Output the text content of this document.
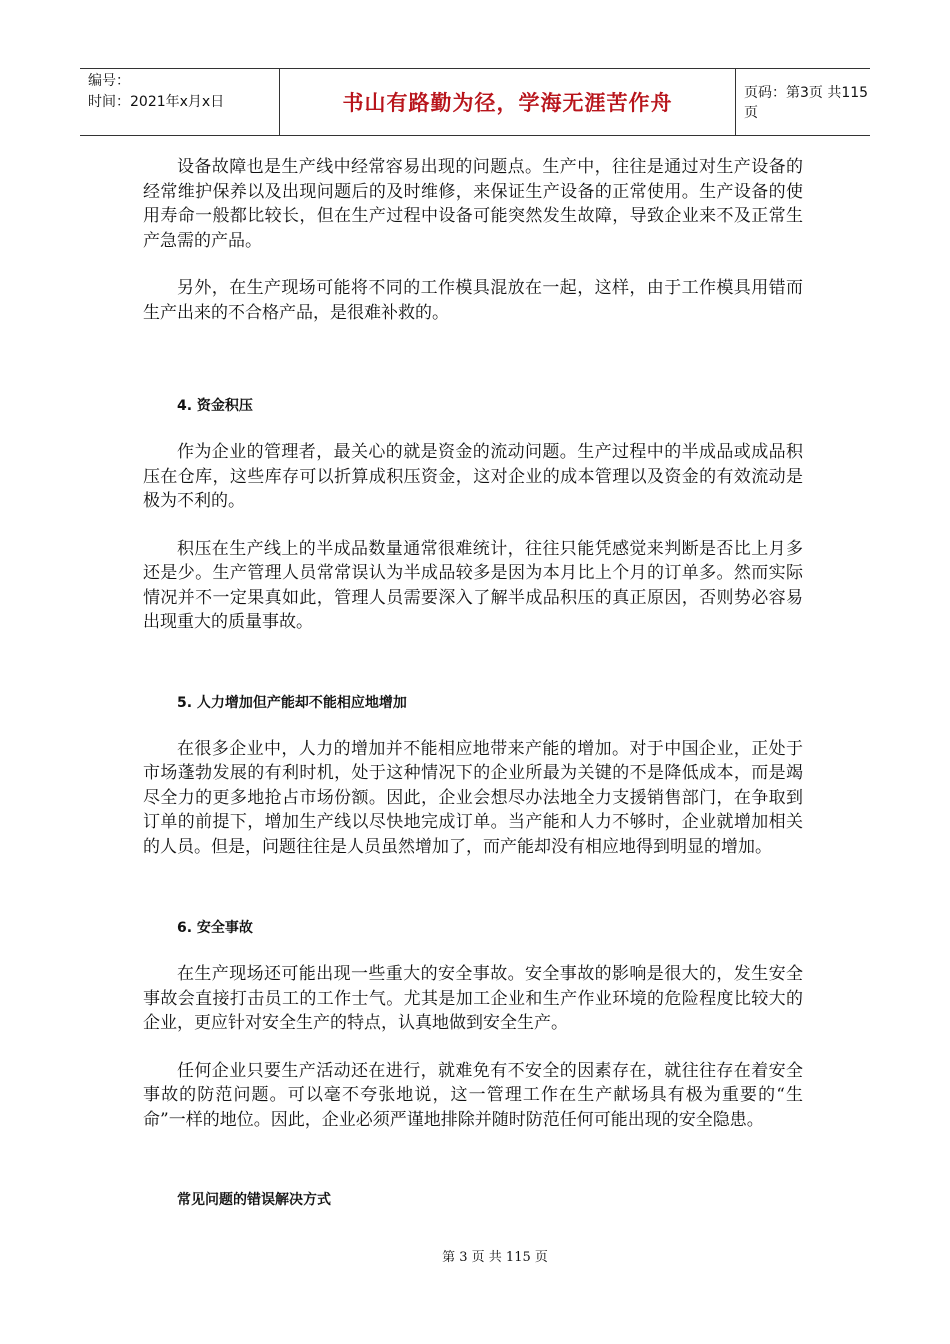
编号：
时间：2021年x月x日	书山有路勤为径，学海无涯苦作舟	页码：第3页 共115页

设备故障也是生产线中经常容易出现的问题点。生产中，往往是通过对生产设备的经常维护保养以及出现问题后的及时维修，来保证生产设备的正常使用。生产设备的使用寿命一般都比较长，但在生产过程中设备可能突然发生故障，导致企业来不及正常生产急需的产品。

另外，在生产现场可能将不同的工作模具混放在一起，这样，由于工作模具用错而生产出来的不合格产品，是很难补救的。

4. 资金积压

作为企业的管理者，最关心的就是资金的流动问题。生产过程中的半成品或成品积压在仓库，这些库存可以折算成积压资金，这对企业的成本管理以及资金的有效流动是极为不利的。

积压在生产线上的半成品数量通常很难统计，往往只能凭感觉来判断是否比上月多还是少。生产管理人员常常误认为半成品较多是因为本月比上个月的订单多。然而实际情况并不一定果真如此，管理人员需要深入了解半成品积压的真正原因，否则势必容易出现重大的质量事故。

5. 人力增加但产能却不能相应地增加

在很多企业中，人力的增加并不能相应地带来产能的增加。对于中国企业，正处于市场蓬勃发展的有利时机，处于这种情况下的企业所最为关键的不是降低成本，而是竭尽全力的更多地抢占市场份额。因此，企业会想尽办法地全力支援销售部门，在争取到订单的前提下，增加生产线以尽快地完成订单。当产能和人力不够时，企业就增加相关的人员。但是，问题往往是人员虽然增加了，而产能却没有相应地得到明显的增加。

6. 安全事故

在生产现场还可能出现一些重大的安全事故。安全事故的影响是很大的，发生安全事故会直接打击员工的工作士气。尤其是加工企业和生产作业环境的危险程度比较大的企业，更应针对安全生产的特点，认真地做到安全生产。

任何企业只要生产活动还在进行，就难免有不安全的因素存在，就往往存在着安全事故的防范问题。可以毫不夸张地说，这一管理工作在生产献场具有极为重要的“生命”一样的地位。因此，企业必须严谨地排除并随时防范任何可能出现的安全隐患。

常见问题的错误解决方式
第 3 页 共 115 页
